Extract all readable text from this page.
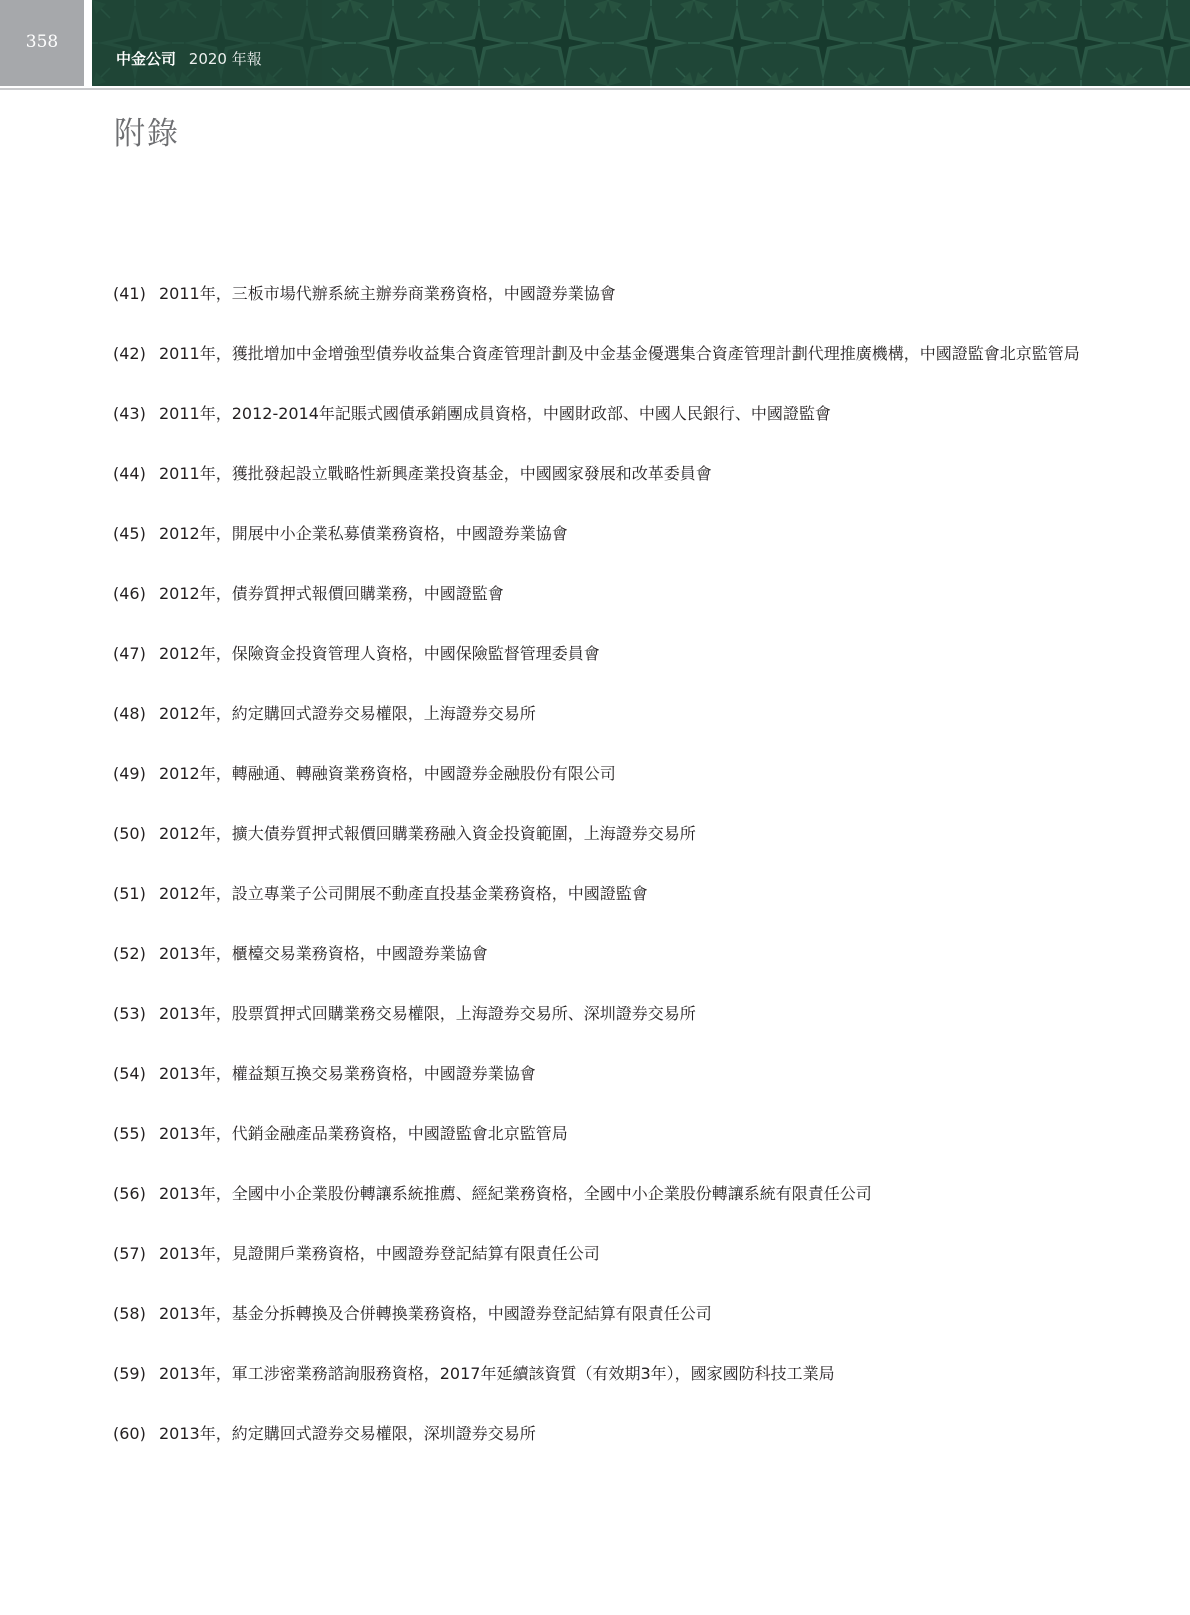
358
中金公司 2020 年報
附錄
(41) 2011年，三板市場代辦系統主辦券商業務資格，中國證券業協會
(42) 2011年，獲批增加中金增強型債券收益集合資產管理計劃及中金基金優選集合資產管理計劃代理推廣機構，中國證監會北京監管局
(43) 2011年，2012-2014年記賬式國債承銷團成員資格，中國財政部、中國人民銀行、中國證監會
(44) 2011年，獲批發起設立戰略性新興產業投資基金，中國國家發展和改革委員會
(45) 2012年，開展中小企業私募債業務資格，中國證券業協會
(46) 2012年，債券質押式報價回購業務，中國證監會
(47) 2012年，保險資金投資管理人資格，中國保險監督管理委員會
(48) 2012年，約定購回式證券交易權限，上海證券交易所
(49) 2012年，轉融通、轉融資業務資格，中國證券金融股份有限公司
(50) 2012年，擴大債券質押式報價回購業務融入資金投資範圍，上海證券交易所
(51) 2012年，設立專業子公司開展不動產直投基金業務資格，中國證監會
(52) 2013年，櫃檯交易業務資格，中國證券業協會
(53) 2013年，股票質押式回購業務交易權限，上海證券交易所、深圳證券交易所
(54) 2013年，權益類互換交易業務資格，中國證券業協會
(55) 2013年，代銷金融產品業務資格，中國證監會北京監管局
(56) 2013年，全國中小企業股份轉讓系統推薦、經紀業務資格，全國中小企業股份轉讓系統有限責任公司
(57) 2013年，見證開戶業務資格，中國證券登記結算有限責任公司
(58) 2013年，基金分拆轉換及合併轉換業務資格，中國證券登記結算有限責任公司
(59) 2013年，軍工涉密業務諮詢服務資格，2017年延續該資質（有效期3年），國家國防科技工業局
(60) 2013年，約定購回式證券交易權限，深圳證券交易所
